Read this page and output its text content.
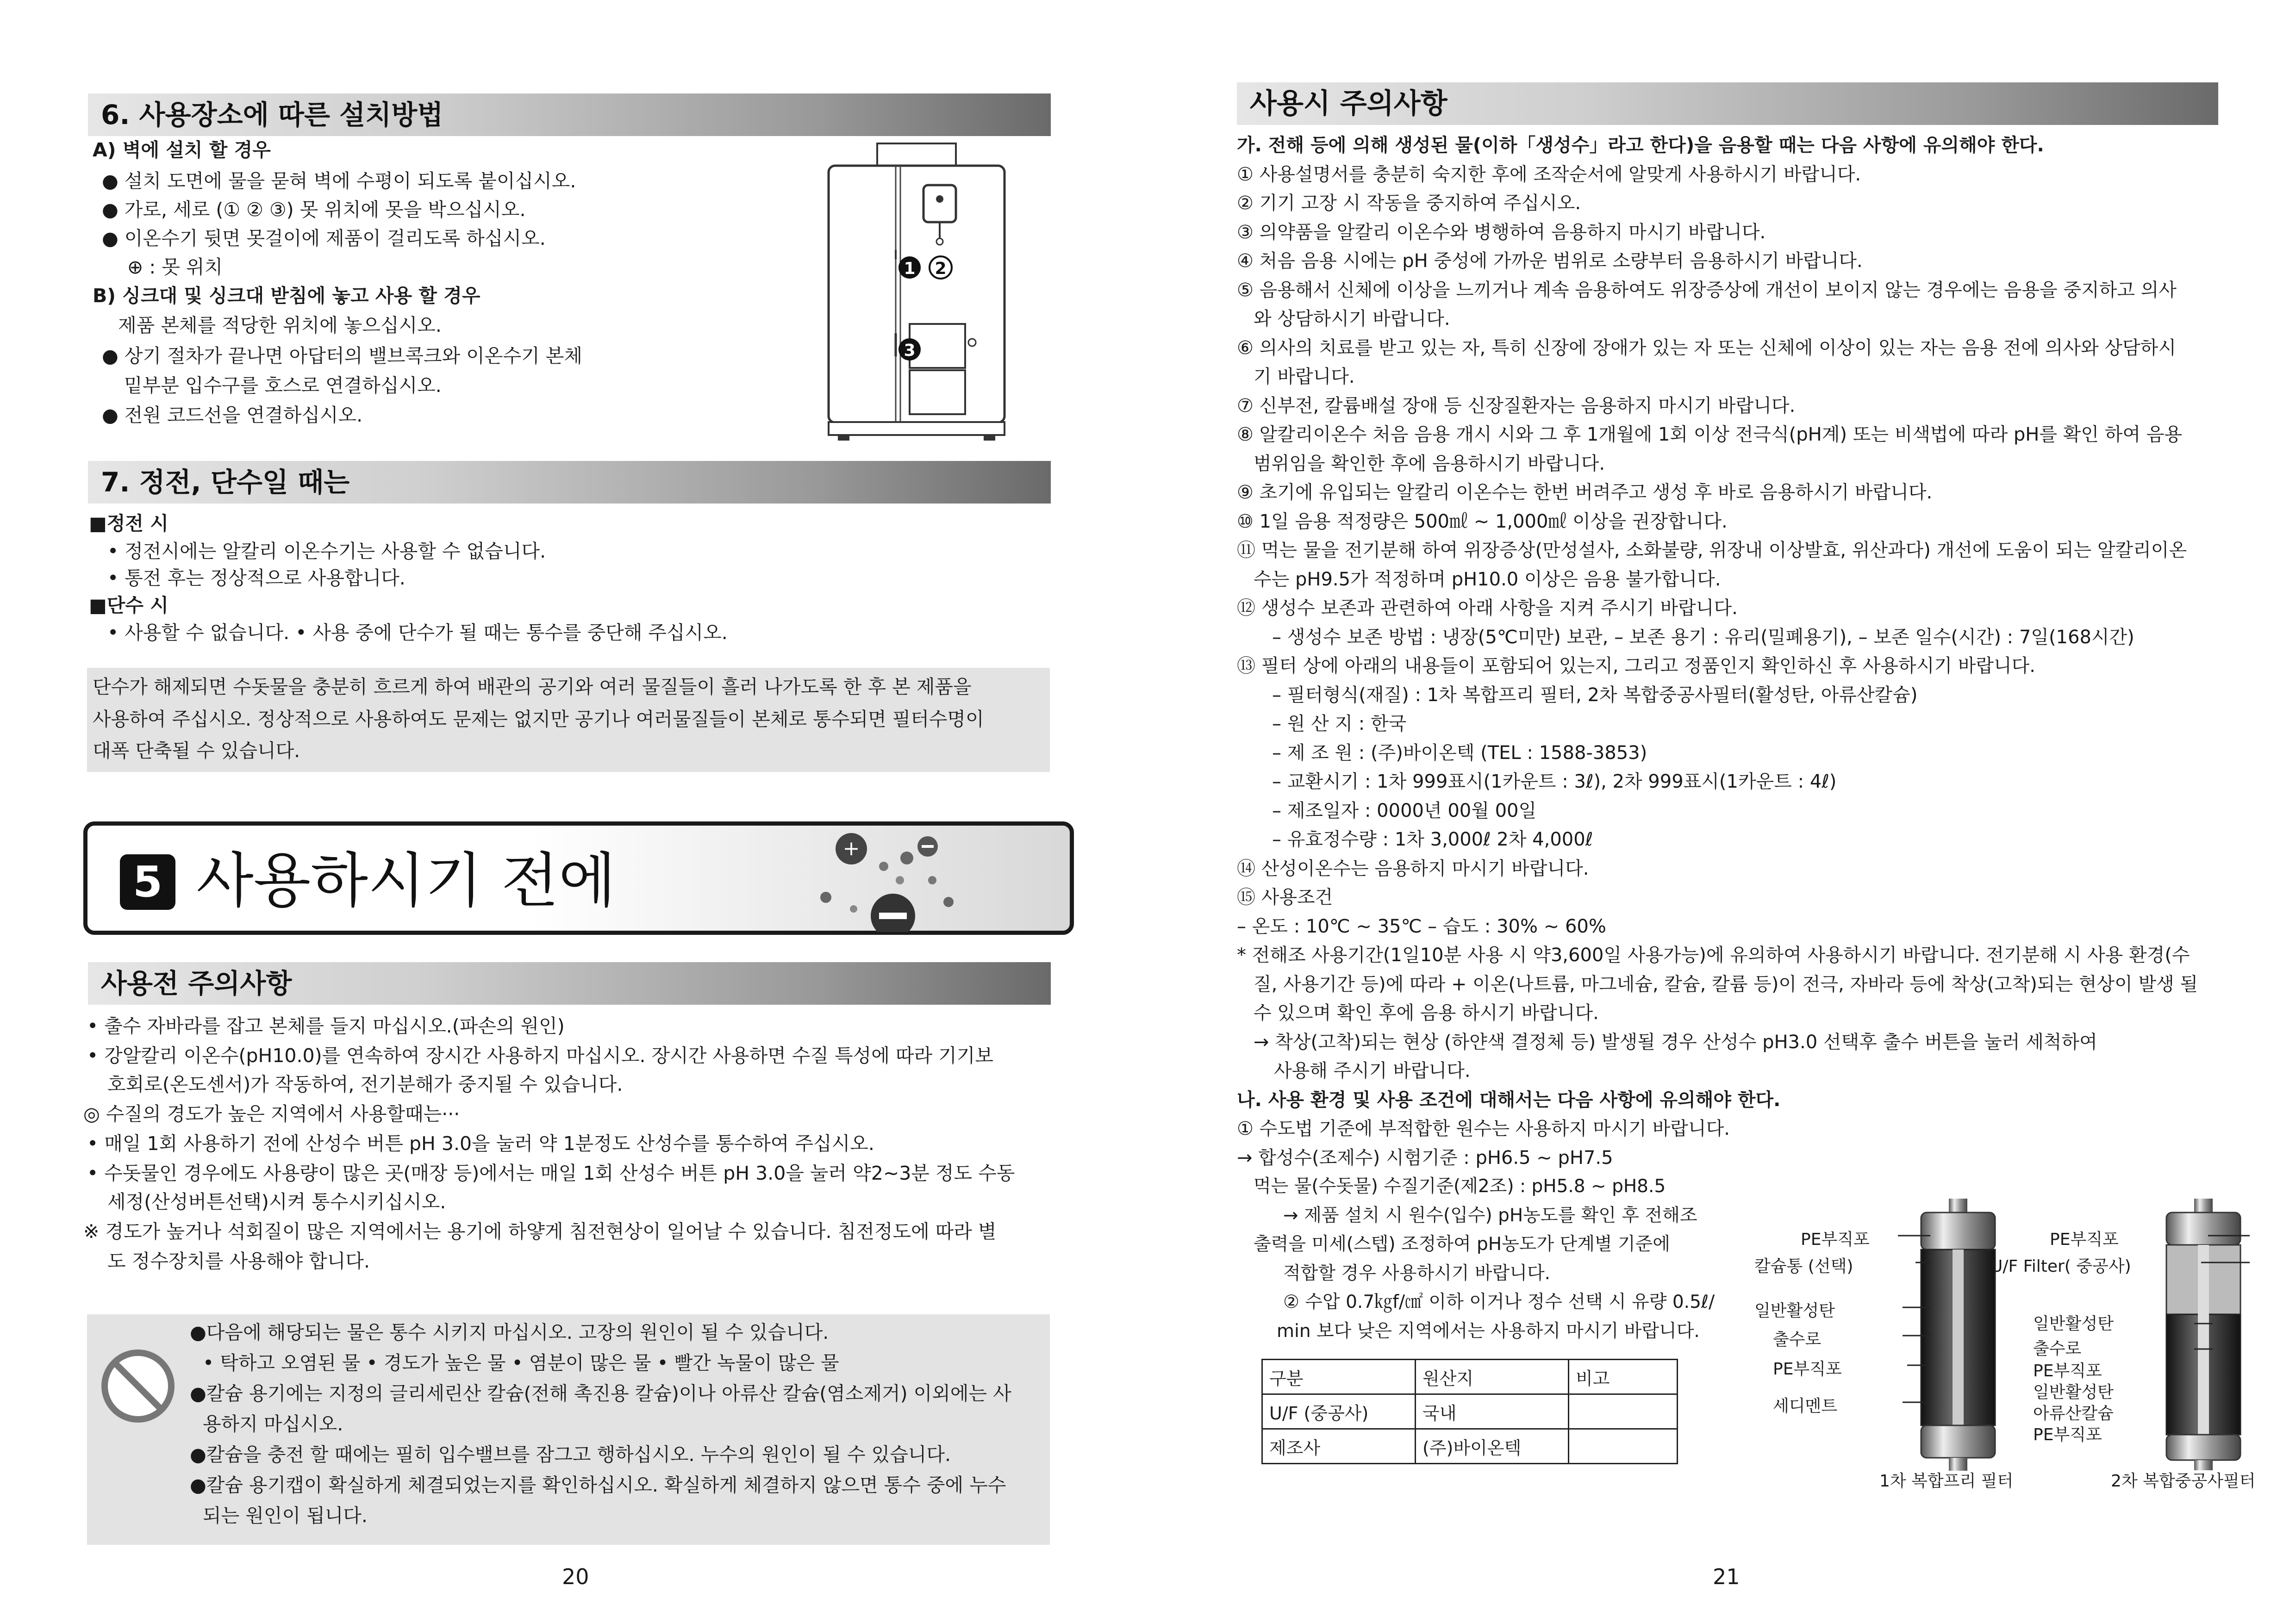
6. 사용장소에 따른 설치방법
A) 벽에 설치 할 경우
● 설치 도면에 물을 묻혀 벽에 수평이 되도록 붙이십시오.
● 가로, 세로 (① ② ③) 못 위치에 못을 박으십시오.
● 이온수기 뒷면 못걸이에 제품이 걸리도록 하십시오.
⊕ : 못 위치
B) 싱크대 및 싱크대 받침에 놓고 사용 할 경우
제품 본체를 적당한 위치에 놓으십시오.
● 상기 절차가 끝나면 아답터의 밸브콕크와 이온수기 본체
밑부분 입수구를 호스로 연결하십시오.
● 전원 코드선을 연결하십시오.
1 2
3
7. 정전, 단수일 때는
■정전 시
• 정전시에는 알칼리 이온수기는 사용할 수 없습니다.
• 통전 후는 정상적으로 사용합니다.
■단수 시
• 사용할 수 없습니다. • 사용 중에 단수가 될 때는 통수를 중단해 주십시오.
단수가 해제되면 수돗물을 충분히 흐르게 하여 배관의 공기와 여러 물질들이 흘러 나가도록 한 후 본 제품을
사용하여 주십시오. 정상적으로 사용하여도 문제는 없지만 공기나 여러물질들이 본체로 통수되면 필터수명이
대폭 단축될 수 있습니다.
5 사용하시기 전에	+
사용전 주의사항
• 출수 자바라를 잡고 본체를 들지 마십시오.(파손의 원인)
• 강알칼리 이온수(pH10.0)를 연속하여 장시간 사용하지 마십시오. 장시간 사용하면 수질 특성에 따라 기기보
호회로(온도센서)가 작동하여, 전기분해가 중지될 수 있습니다.
◎ 수질의 경도가 높은 지역에서 사용할때는···
• 매일 1회 사용하기 전에 산성수 버튼 pH 3.0을 눌러 약 1분정도 산성수를 통수하여 주십시오.
• 수돗물인 경우에도 사용량이 많은 곳(매장 등)에서는 매일 1회 산성수 버튼 pH 3.0을 눌러 약2~3분 정도 수동
세정(산성버튼선택)시켜 통수시키십시오.
※ 경도가 높거나 석회질이 많은 지역에서는 용기에 하얗게 침전현상이 일어날 수 있습니다. 침전정도에 따라 별
도 정수장치를 사용해야 합니다.
●다음에 해당되는 물은 통수 시키지 마십시오. 고장의 원인이 될 수 있습니다.
• 탁하고 오염된 물 • 경도가 높은 물 • 염분이 많은 물 • 빨간 녹물이 많은 물
●칼슘 용기에는 지정의 글리세린산 칼슘(전해 촉진용 칼슘)이나 아류산 칼슘(염소제거) 이외에는 사
용하지 마십시오.
●칼슘을 충전 할 때에는 필히 입수밸브를 잠그고 행하십시오. 누수의 원인이 될 수 있습니다.
●칼슘 용기캡이 확실하게 체결되었는지를 확인하십시오. 확실하게 체결하지 않으면 통수 중에 누수
되는 원인이 됩니다.
20
사용시 주의사항
가. 전해 등에 의해 생성된 물(이하「생성수」라고 한다)을 음용할 때는 다음 사항에 유의해야 한다.
① 사용설명서를 충분히 숙지한 후에 조작순서에 알맞게 사용하시기 바랍니다.
② 기기 고장 시 작동을 중지하여 주십시오.
③ 의약품을 알칼리 이온수와 병행하여 음용하지 마시기 바랍니다.
④ 처음 음용 시에는 pH 중성에 가까운 범위로 소량부터 음용하시기 바랍니다.
⑤ 음용해서 신체에 이상을 느끼거나 계속 음용하여도 위장증상에 개선이 보이지 않는 경우에는 음용을 중지하고 의사
와 상담하시기 바랍니다.
⑥ 의사의 치료를 받고 있는 자, 특히 신장에 장애가 있는 자 또는 신체에 이상이 있는 자는 음용 전에 의사와 상담하시
기 바랍니다.
⑦ 신부전, 칼륨배설 장애 등 신장질환자는 음용하지 마시기 바랍니다.
⑧ 알칼리이온수 처음 음용 개시 시와 그 후 1개월에 1회 이상 전극식(pH계) 또는 비색법에 따라 pH를 확인 하여 음용
범위임을 확인한 후에 음용하시기 바랍니다.
⑨ 초기에 유입되는 알칼리 이온수는 한번 버려주고 생성 후 바로 음용하시기 바랍니다.
⑩ 1일 음용 적정량은 500㎖ ~ 1,000㎖ 이상을 권장합니다.
⑪ 먹는 물을 전기분해 하여 위장증상(만성설사, 소화불량, 위장내 이상발효, 위산과다) 개선에 도움이 되는 알칼리이온
수는 pH9.5가 적정하며 pH10.0 이상은 음용 불가합니다.
⑫ 생성수 보존과 관련하여 아래 사항을 지켜 주시기 바랍니다.
– 생성수 보존 방법 : 냉장(5℃미만) 보관, – 보존 용기 : 유리(밀폐용기), – 보존 일수(시간) : 7일(168시간)
⑬ 필터 상에 아래의 내용들이 포함되어 있는지, 그리고 정품인지 확인하신 후 사용하시기 바랍니다.
– 필터형식(재질) : 1차 복합프리 필터, 2차 복합중공사필터(활성탄, 아류산칼슘)
– 원 산 지 : 한국
– 제 조 원 : (주)바이온텍 (TEL : 1588-3853)
– 교환시기 : 1차 999표시(1카운트 : 3ℓ), 2차 999표시(1카운트 : 4ℓ)
– 제조일자 : 0000년 00월 00일
– 유효정수량 : 1차 3,000ℓ 2차 4,000ℓ
⑭ 산성이온수는 음용하지 마시기 바랍니다.
⑮ 사용조건
– 온도 : 10℃ ~ 35℃ – 습도 : 30% ~ 60%
* 전해조 사용기간(1일10분 사용 시 약3,600일 사용가능)에 유의하여 사용하시기 바랍니다. 전기분해 시 사용 환경(수
질, 사용기간 등)에 따라 + 이온(나트륨, 마그네슘, 칼슘, 칼륨 등)이 전극, 자바라 등에 착상(고착)되는 현상이 발생 될
수 있으며 확인 후에 음용 하시기 바랍니다.
→ 착상(고착)되는 현상 (하얀색 결정체 등) 발생될 경우 산성수 pH3.0 선택후 출수 버튼을 눌러 세척하여
사용해 주시기 바랍니다.
나. 사용 환경 및 사용 조건에 대해서는 다음 사항에 유의해야 한다.
① 수도법 기준에 부적합한 원수는 사용하지 마시기 바랍니다.
→ 합성수(조제수) 시험기준 : pH6.5 ~ pH7.5
먹는 물(수돗물) 수질기준(제2조) : pH5.8 ~ pH8.5
→ 제품 설치 시 원수(입수) pH농도를 확인 후 전해조
출력을 미세(스텝) 조정하여 pH농도가 단계별 기준에
적합할 경우 사용하시기 바랍니다.
② 수압 0.7㎏f/㎠ 이하 이거나 정수 선택 시 유량 0.5ℓ/
min 보다 낮은 지역에서는 사용하지 마시기 바랍니다.
구분	원산지	비고
U/F (중공사)	국내	
제조사	(주)바이온텍	
PE부직포
칼슘통 (선택)
일반활성탄
출수로
PE부직포
세디멘트
1차 복합프리 필터
PE부직포
U/F Filter( 중공사)
일반활성탄
출수로
PE부직포
일반활성탄
아류산칼슘
PE부직포
2차 복합중공사필터
21
